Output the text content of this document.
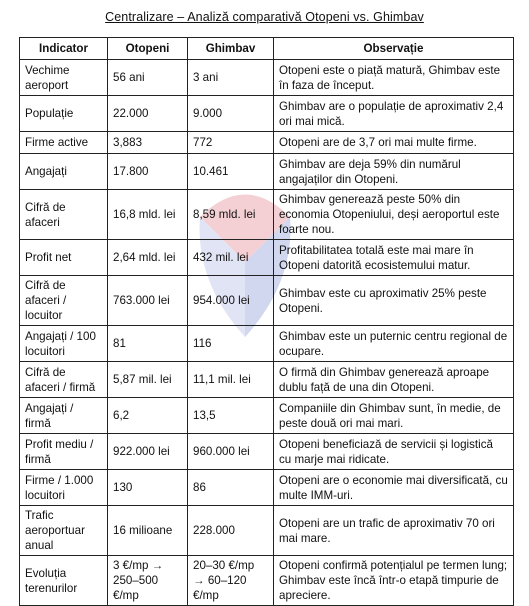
Centralizare – Analiză comparativă Otopeni vs. Ghimbav
Indicator	Otopeni	Ghimbav	Observație
Vechime aeroport	56 ani	3 ani	Otopeni este o piață matură, Ghimbav este în faza de început.
Populație	22.000	9.000	Ghimbav are o populație de aproximativ 2,4 ori mai mică.
Firme active	3,883	772	Otopeni are de 3,7 ori mai multe firme.
Angajați	17.800	10.461	Ghimbav are deja 59% din numărul angajaților din Otopeni.
Cifră de afaceri	16,8 mld. lei	8,59 mld. lei	Ghimbav generează peste 50% din economia Otopeniului, deși aeroportul este foarte nou.
Profit net	2,64 mld. lei	432 mil. lei	Profitabilitatea totală este mai mare în Otopeni datorită ecosistemului matur.
Cifră de afaceri / locuitor	763.000 lei	954.000 lei	Ghimbav este cu aproximativ 25% peste Otopeni.
Angajați / 100 locuitori	81	116	Ghimbav este un puternic centru regional de ocupare.
Cifră de afaceri / firmă	5,87 mil. lei	11,1 mil. lei	O firmă din Ghimbav generează aproape dublu față de una din Otopeni.
Angajați / firmă	6,2	13,5	Companiile din Ghimbav sunt, în medie, de peste două ori mai mari.
Profit mediu / firmă	922.000 lei	960.000 lei	Otopeni beneficiază de servicii și logistică cu marje mai ridicate.
Firme / 1.000 locuitori	130	86	Otopeni are o economie mai diversificată, cu multe IMM-uri.
Trafic aeroportuar anual	16 milioane	228.000	Otopeni are un trafic de aproximativ 70 ori mai mare.
Evoluția terenurilor	3 €/mp → 250–500 €/mp	20–30 €/mp → 60–120 €/mp	Otopeni confirmă potențialul pe termen lung; Ghimbav este încă într-o etapă timpurie de apreciere.
